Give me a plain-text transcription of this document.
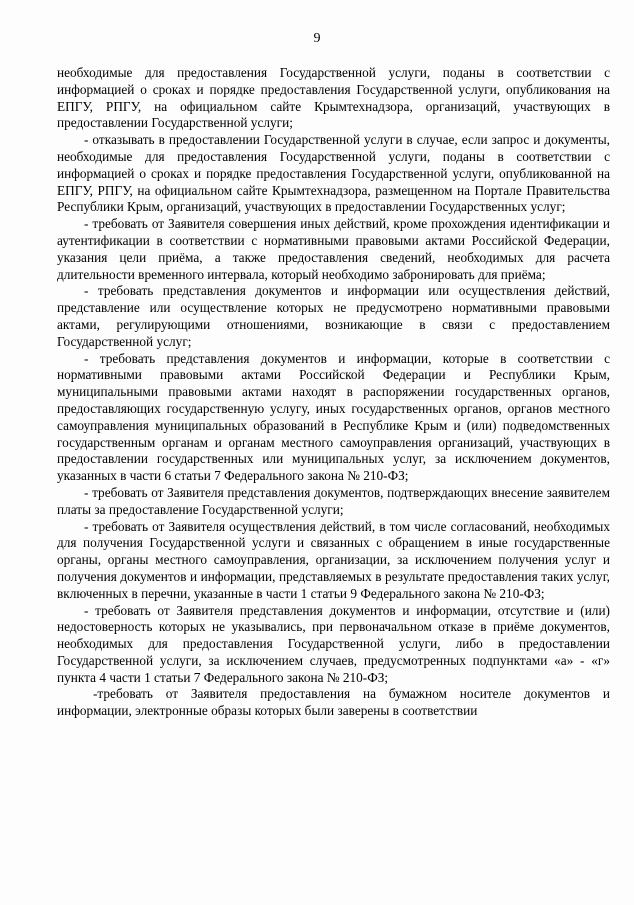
9

необходимые для предоставления Государственной услуги, поданы в соответствии с информацией о сроках и порядке предоставления Государственной услуги, опубликования на ЕПГУ, РПГУ, на официальном сайте Крымтехнадзора, организаций, участвующих в предоставлении Государственной услуги;

- отказывать в предоставлении Государственной услуги в случае, если запрос и документы, необходимые для предоставления Государственной услуги, поданы в соответствии с информацией о сроках и порядке предоставления Государственной услуги, опубликованной на ЕПГУ, РПГУ, на официальном сайте Крымтехнадзора, размещенном на Портале Правительства Республики Крым, организаций, участвующих в предоставлении Государственных услуг;

- требовать от Заявителя совершения иных действий, кроме прохождения идентификации и аутентификации в соответствии с нормативными правовыми актами Российской Федерации, указания цели приёма, а также предоставления сведений, необходимых для расчета длительности временного интервала, который необходимо забронировать для приёма;

- требовать представления документов и информации или осуществления действий, представление или осуществление которых не предусмотрено нормативными правовыми актами, регулирующими отношениями, возникающие в связи с предоставлением Государственной услуг;

- требовать представления документов и информации, которые в соответствии с нормативными правовыми актами Российской Федерации и Республики Крым, муниципальными правовыми актами находят в распоряжении государственных органов, предоставляющих государственную услугу, иных государственных органов, органов местного самоуправления муниципальных образований в Республике Крым и (или) подведомственных государственным органам и органам местного самоуправления организаций, участвующих в предоставлении государственных или муниципальных услуг, за исключением документов, указанных в части 6 статьи 7 Федерального закона № 210-ФЗ;

- требовать от Заявителя представления документов, подтверждающих внесение заявителем платы за предоставление Государственной услуги;

- требовать от Заявителя осуществления действий, в том числе согласований, необходимых для получения Государственной услуги и связанных с обращением в иные государственные органы, органы местного самоуправления, организации, за исключением получения услуг и получения документов и информации, представляемых в результате предоставления таких услуг, включенных в перечни, указанные в части 1 статьи 9 Федерального закона № 210-ФЗ;

- требовать от Заявителя представления документов и информации, отсутствие и (или) недостоверность которых не указывались, при первоначальном отказе в приёме документов, необходимых для предоставления Государственной услуги, либо в предоставлении Государственной услуги, за исключением случаев, предусмотренных подпунктами «а» - «г» пункта 4 части 1 статьи 7 Федерального закона № 210-ФЗ;

-требовать от Заявителя предоставления на бумажном носителе документов и информации, электронные образы которых были заверены в соответствии
